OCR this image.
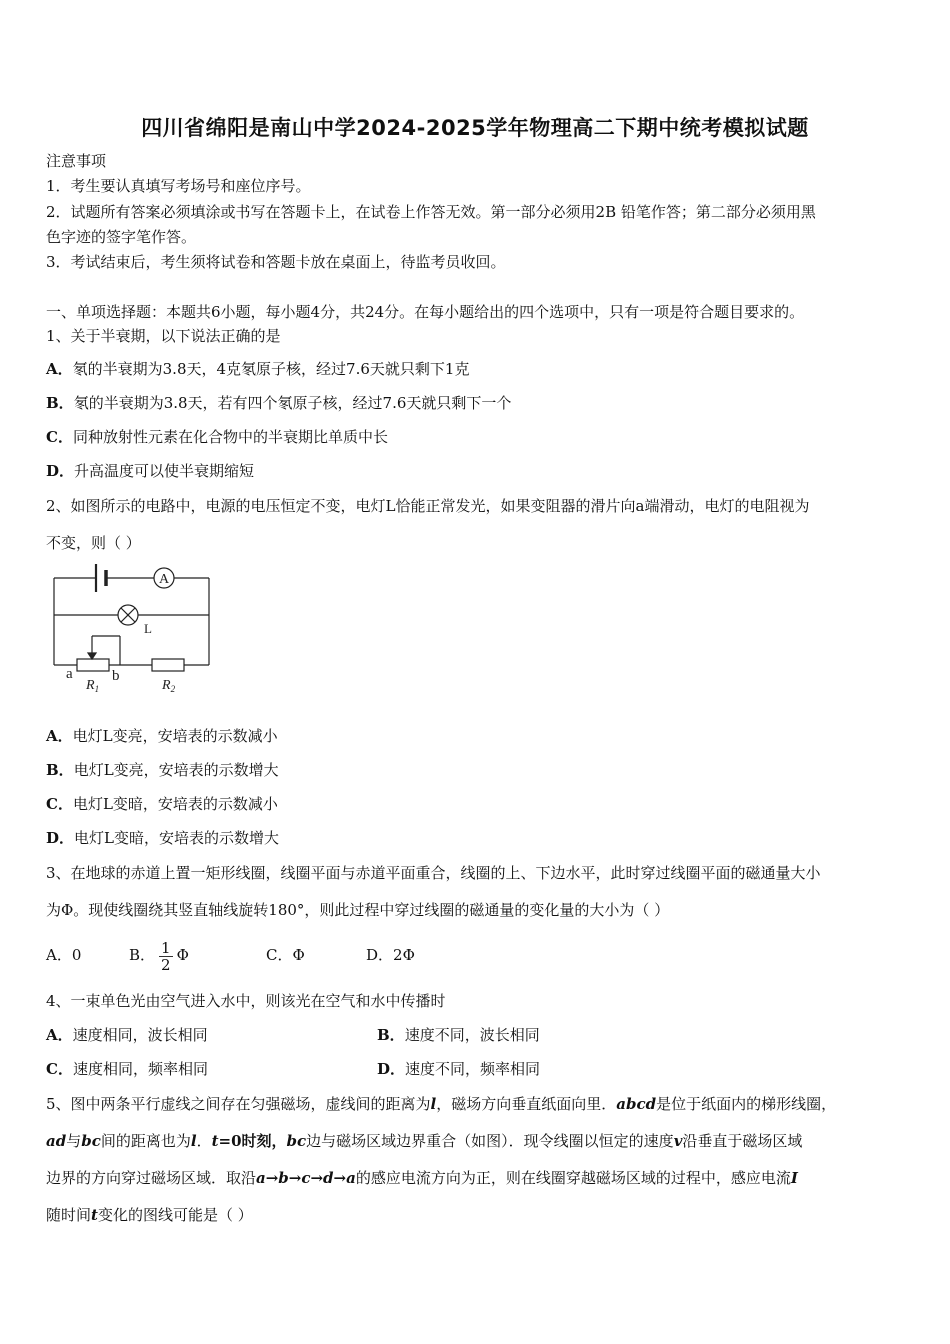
四川省绵阳是南山中学2024-2025学年物理高二下期中统考模拟试题
注意事项
1．考生要认真填写考场号和座位序号。
2．试题所有答案必须填涂或书写在答题卡上，在试卷上作答无效。第一部分必须用2B 铅笔作答；第二部分必须用黑
色字迹的签字笔作答。
3．考试结束后，考生须将试卷和答题卡放在桌面上，待监考员收回。
一、单项选择题：本题共6小题，每小题4分，共24分。在每小题给出的四个选项中，只有一项是符合题目要求的。
1、关于半衰期，以下说法正确的是
A．氡的半衰期为3.8天，4克氡原子核，经过7.6天就只剩下1克
B．氡的半衰期为3.8天，若有四个氡原子核，经过7.6天就只剩下一个
C．同种放射性元素在化合物中的半衰期比单质中长
D．升高温度可以使半衰期缩短
2、如图所示的电路中，电源的电压恒定不变，电灯L恰能正常发光，如果变阻器的滑片向a端滑动，电灯的电阻视为
不变，则（ ）
A
L
a	b
$R_1$	$R_2$
A．电灯L变亮，安培表的示数减小
B．电灯L变亮，安培表的示数增大
C．电灯L变暗，安培表的示数减小
D．电灯L变暗，安培表的示数增大
3、在地球的赤道上置一矩形线圈，线圈平面与赤道平面重合，线圈的上、下边水平，此时穿过线圈平面的磁通量大小
为Φ。现使线圈绕其竖直轴线旋转180°，则此过程中穿过线圈的磁通量的变化量的大小为（ ）
A．0	B． $\frac{1}{2}$ Φ	C．Φ	D．2Φ
4、一束单色光由空气进入水中，则该光在空气和水中传播时
A．速度相同，波长相同	B．速度不同，波长相同
C．速度相同，频率相同	D．速度不同，频率相同
5、图中两条平行虚线之间存在匀强磁场，虚线间的距离为l，磁场方向垂直纸面向里．abcd是位于纸面内的梯形线圈，
ad与bc间的距离也为l．t=0时刻，bc边与磁场区域边界重合（如图）．现令线圈以恒定的速度v沿垂直于磁场区域
边界的方向穿过磁场区域．取沿a→b→c→d→a的感应电流方向为正，则在线圈穿越磁场区域的过程中，感应电流I
随时间t变化的图线可能是（ ）
